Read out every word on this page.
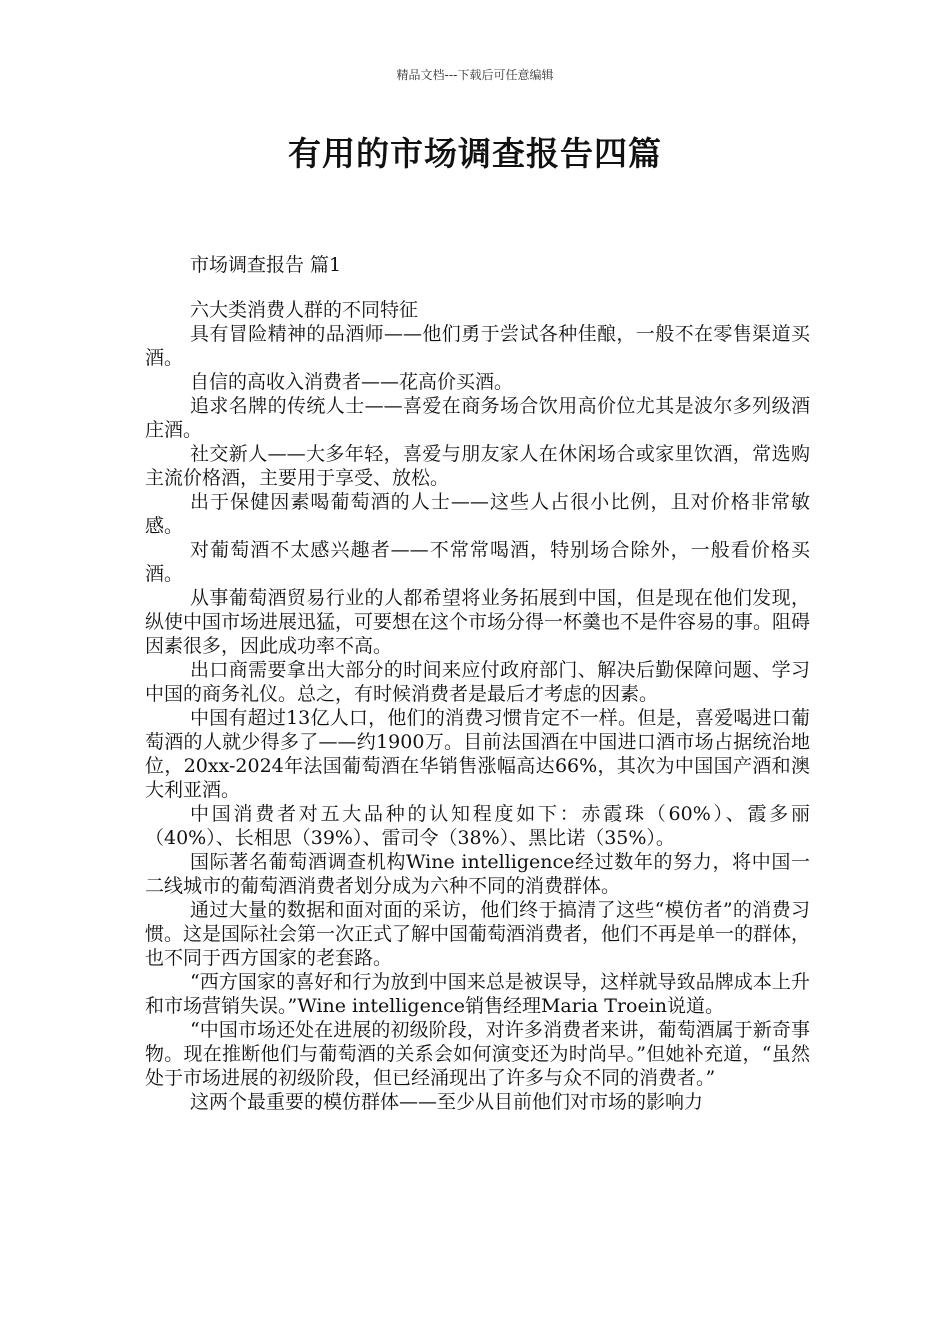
精品文档---下载后可任意编辑
有用的市场调查报告四篇
市场调查报告 篇1

六大类消费人群的不同特征

具有冒险精神的品酒师——他们勇于尝试各种佳酿，一般不在零售渠道买酒。

自信的高收入消费者——花高价买酒。

追求名牌的传统人士——喜爱在商务场合饮用高价位尤其是波尔多列级酒庄酒。

社交新人——大多年轻，喜爱与朋友家人在休闲场合或家里饮酒，常选购主流价格酒，主要用于享受、放松。

出于保健因素喝葡萄酒的人士——这些人占很小比例，且对价格非常敏感。

对葡萄酒不太感兴趣者——不常常喝酒，特别场合除外，一般看价格买酒。

从事葡萄酒贸易行业的人都希望将业务拓展到中国，但是现在他们发现，纵使中国市场进展迅猛，可要想在这个市场分得一杯羹也不是件容易的事。阻碍因素很多，因此成功率不高。

出口商需要拿出大部分的时间来应付政府部门、解决后勤保障问题、学习中国的商务礼仪。总之，有时候消费者是最后才考虑的因素。

中国有超过13亿人口，他们的消费习惯肯定不一样。但是，喜爱喝进口葡萄酒的人就少得多了——约1900万。目前法国酒在中国进口酒市场占据统治地位，20xx-2024年法国葡萄酒在华销售涨幅高达66%，其次为中国国产酒和澳大利亚酒。

中国消费者对五大品种的认知程度如下：赤霞珠（60%）、霞多丽（40%）、长相思（39%）、雷司令（38%）、黑比诺（35%）。

国际著名葡萄酒调查机构Wine intelligence经过数年的努力，将中国一二线城市的葡萄酒消费者划分成为六种不同的消费群体。

通过大量的数据和面对面的采访，他们终于搞清了这些“模仿者”的消费习惯。这是国际社会第一次正式了解中国葡萄酒消费者，他们不再是单一的群体，也不同于西方国家的老套路。

“西方国家的喜好和行为放到中国来总是被误导，这样就导致品牌成本上升和市场营销失误。”Wine intelligence销售经理Maria Troein说道。

“中国市场还处在进展的初级阶段，对许多消费者来讲，葡萄酒属于新奇事物。现在推断他们与葡萄酒的关系会如何演变还为时尚早。”但她补充道，“虽然处于市场进展的初级阶段，但已经涌现出了许多与众不同的消费者。”

这两个最重要的模仿群体——至少从目前他们对市场的影响力
